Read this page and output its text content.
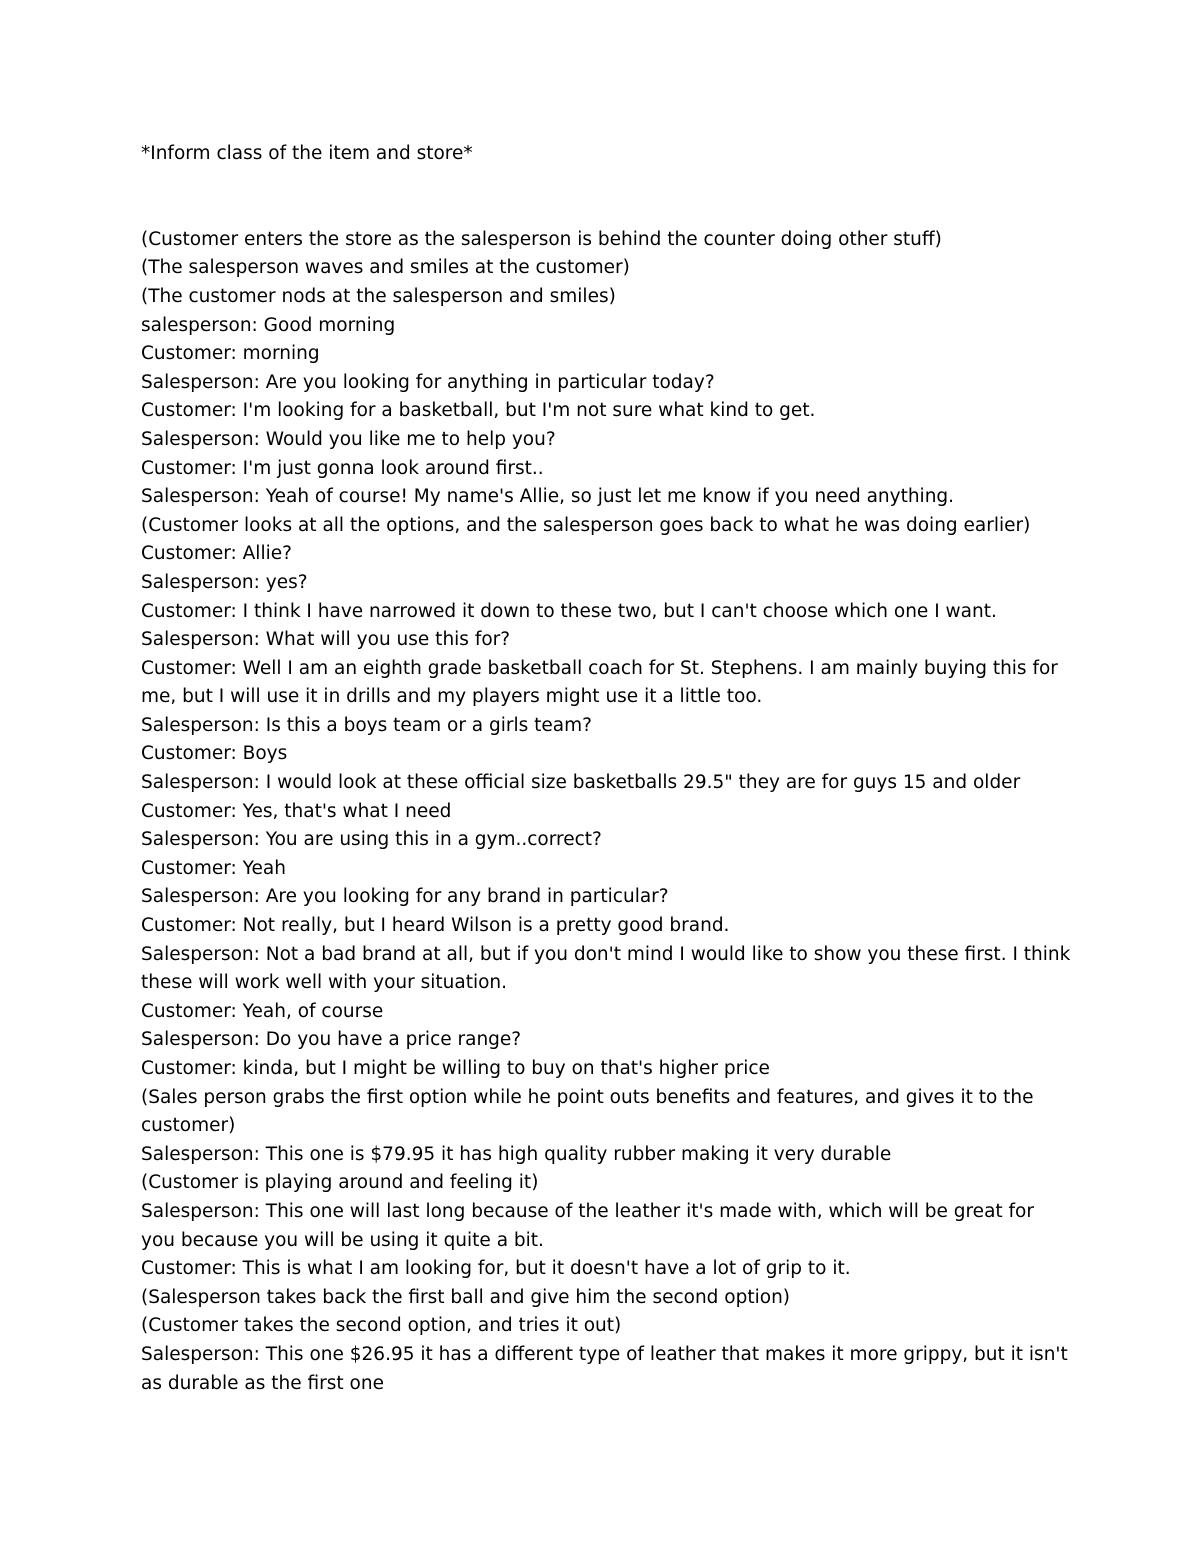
*Inform class of the item and store*

(Customer enters the store as the salesperson is behind the counter doing other stuff)

(The salesperson waves and smiles at the customer)

(The customer nods at the salesperson and smiles)

salesperson: Good morning

Customer: morning

Salesperson: Are you looking for anything in particular today?

Customer: I'm looking for a basketball, but I'm not sure what kind to get.

Salesperson: Would you like me to help you?

Customer: I'm just gonna look around first..

Salesperson: Yeah of course! My name's Allie, so just let me know if you need anything.

(Customer looks at all the options, and the salesperson goes back to what he was doing earlier)

Customer: Allie?

Salesperson: yes?

Customer: I think I have narrowed it down to these two, but I can't choose which one I want.

Salesperson: What will you use this for?

Customer: Well I am an eighth grade basketball coach for St. Stephens. I am mainly buying this for me, but I will use it in drills and my players might use it a little too.

Salesperson: Is this a boys team or a girls team?

Customer: Boys

Salesperson: I would look at these official size basketballs 29.5" they are for guys 15 and older

Customer: Yes, that's what I need

Salesperson: You are using this in a gym..correct?

Customer: Yeah

Salesperson: Are you looking for any brand in particular?

Customer: Not really, but I heard Wilson is a pretty good brand.

Salesperson: Not a bad brand at all, but if you don't mind I would like to show you these first. I think these will work well with your situation.

Customer: Yeah, of course

Salesperson: Do you have a price range?

Customer: kinda, but I might be willing to buy on that's higher price

(Sales person grabs the first option while he point outs benefits and features, and gives it to the customer)

Salesperson: This one is $79.95 it has high quality rubber making it very durable

(Customer is playing around and feeling it)

Salesperson: This one will last long because of the leather it's made with, which will be great for you because you will be using it quite a bit.

Customer: This is what I am looking for, but it doesn't have a lot of grip to it.

(Salesperson takes back the first ball and give him the second option)

(Customer takes the second option, and tries it out)

Salesperson: This one $26.95 it has a different type of leather that makes it more grippy, but it isn't as durable as the first one
